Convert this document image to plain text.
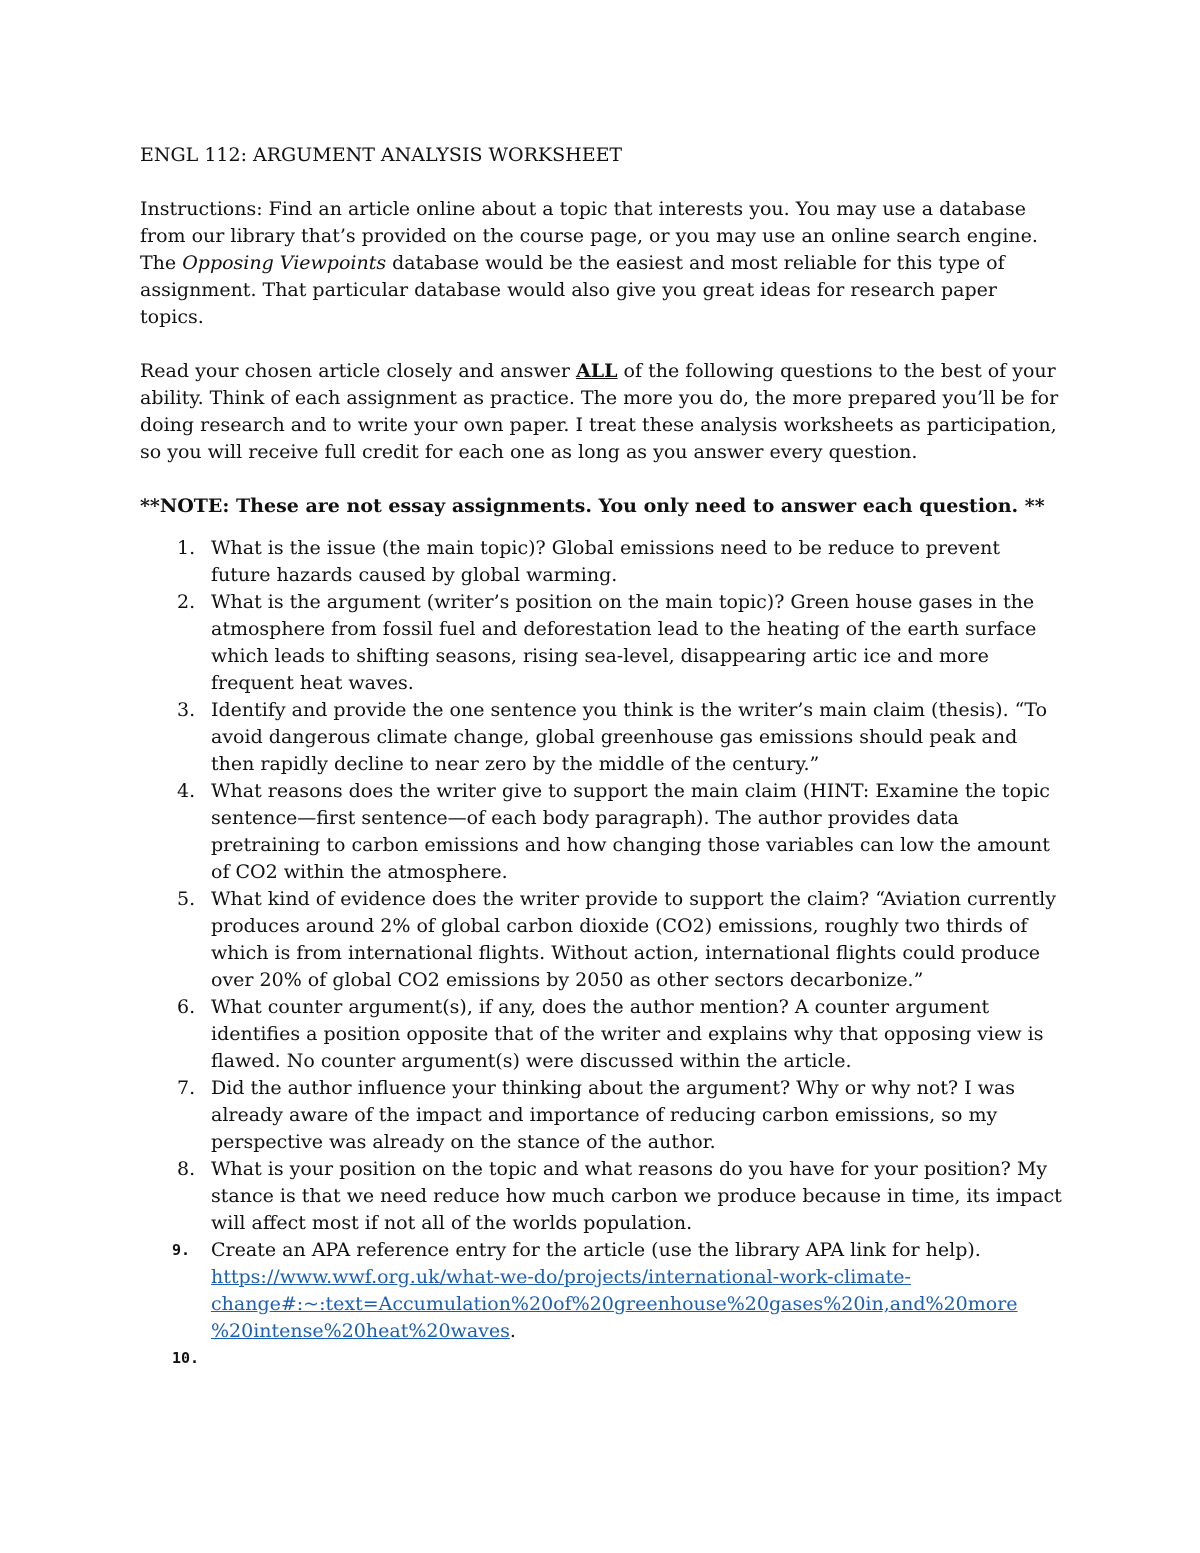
ENGL 112: ARGUMENT ANALYSIS WORKSHEET

Instructions: Find an article online about a topic that interests you. You may use a database from our library that’s provided on the course page, or you may use an online search engine. The Opposing Viewpoints database would be the easiest and most reliable for this type of assignment. That particular database would also give you great ideas for research paper topics.

Read your chosen article closely and answer ALL of the following questions to the best of your ability. Think of each assignment as practice. The more you do, the more prepared you’ll be for doing research and to write your own paper. I treat these analysis worksheets as participation, so you will receive full credit for each one as long as you answer every question.

**NOTE: These are not essay assignments. You only need to answer each question. **

1. What is the issue (the main topic)? Global emissions need to be reduce to prevent future hazards caused by global warming.
2. What is the argument (writer’s position on the main topic)? Green house gases in the atmosphere from fossil fuel and deforestation lead to the heating of the earth surface which leads to shifting seasons, rising sea-level, disappearing artic ice and more frequent heat waves.
3. Identify and provide the one sentence you think is the writer’s main claim (thesis). “To avoid dangerous climate change, global greenhouse gas emissions should peak and then rapidly decline to near zero by the middle of the century.”
4. What reasons does the writer give to support the main claim (HINT: Examine the topic sentence—first sentence—of each body paragraph). The author provides data pretraining to carbon emissions and how changing those variables can low the amount of CO2 within the atmosphere.
5. What kind of evidence does the writer provide to support the claim? “Aviation currently produces around 2% of global carbon dioxide (CO2) emissions, roughly two thirds of which is from international flights. Without action, international flights could produce over 20% of global CO2 emissions by 2050 as other sectors decarbonize.”
6. What counter argument(s), if any, does the author mention? A counter argument identifies a position opposite that of the writer and explains why that opposing view is flawed. No counter argument(s) were discussed within the article.
7. Did the author influence your thinking about the argument? Why or why not? I was already aware of the impact and importance of reducing carbon emissions, so my perspective was already on the stance of the author.
8. What is your position on the topic and what reasons do you have for your position? My stance is that we need reduce how much carbon we produce because in time, its impact will affect most if not all of the worlds population.
9. Create an APA reference entry for the article (use the library APA link for help).
https://www.wwf.org.uk/what-we-do/projects/international-work-climate-
change#:~:text=Accumulation%20of%20greenhouse%20gases%20in,and%20more
%20intense%20heat%20waves.
10.
